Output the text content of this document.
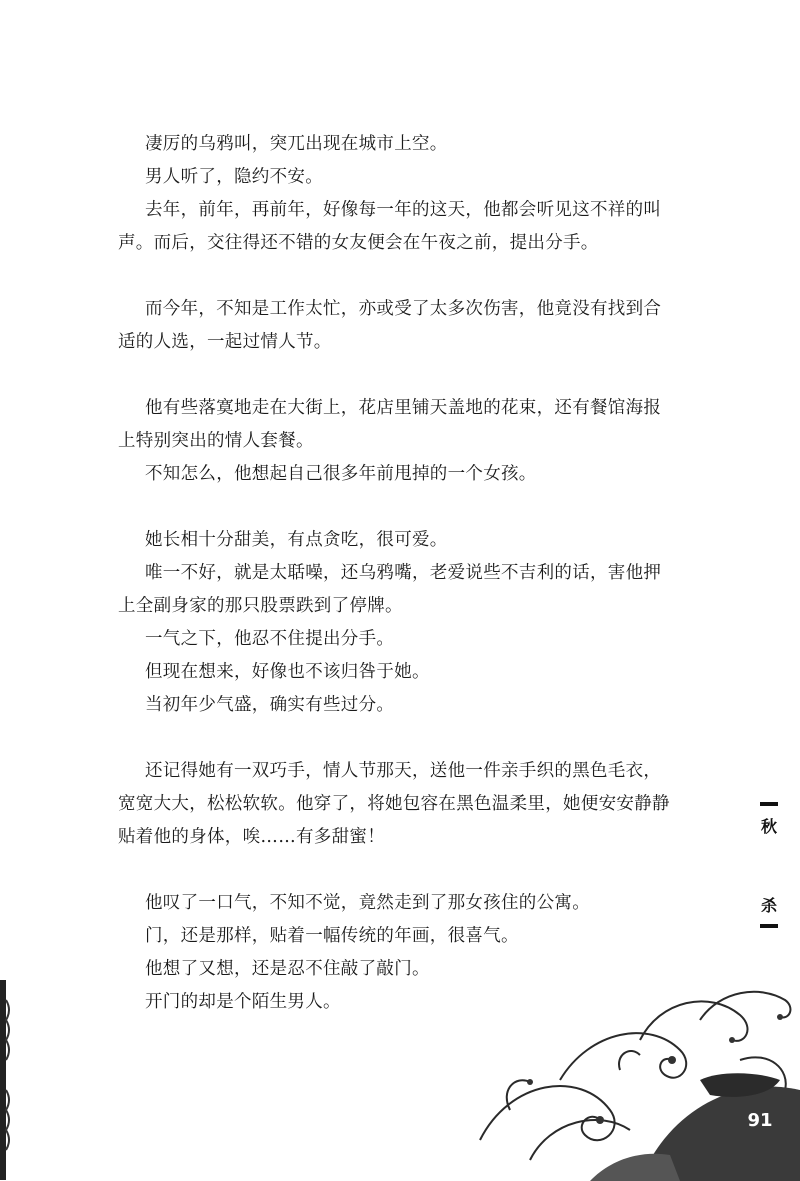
凄厉的乌鸦叫，突兀出现在城市上空。

男人听了，隐约不安。

去年，前年，再前年，好像每一年的这天，他都会听见这不祥的叫

声。而后，交往得还不错的女友便会在午夜之前，提出分手。

而今年，不知是工作太忙，亦或受了太多次伤害，他竟没有找到合

适的人选，一起过情人节。

他有些落寞地走在大街上，花店里铺天盖地的花束，还有餐馆海报

上特别突出的情人套餐。

不知怎么，他想起自己很多年前甩掉的一个女孩。

她长相十分甜美，有点贪吃，很可爱。

唯一不好，就是太聒噪，还乌鸦嘴，老爱说些不吉利的话，害他押

上全副身家的那只股票跌到了停牌。

一气之下，他忍不住提出分手。

但现在想来，好像也不该归咎于她。

当初年少气盛，确实有些过分。

还记得她有一双巧手，情人节那天，送他一件亲手织的黑色毛衣，

宽宽大大，松松软软。他穿了，将她包容在黑色温柔里，她便安安静静

贴着他的身体，唉……有多甜蜜！

他叹了一口气，不知不觉，竟然走到了那女孩住的公寓。

门，还是那样，贴着一幅传统的年画，很喜气。

他想了又想，还是忍不住敲了敲门。

开门的却是个陌生男人。

秋
杀
91
